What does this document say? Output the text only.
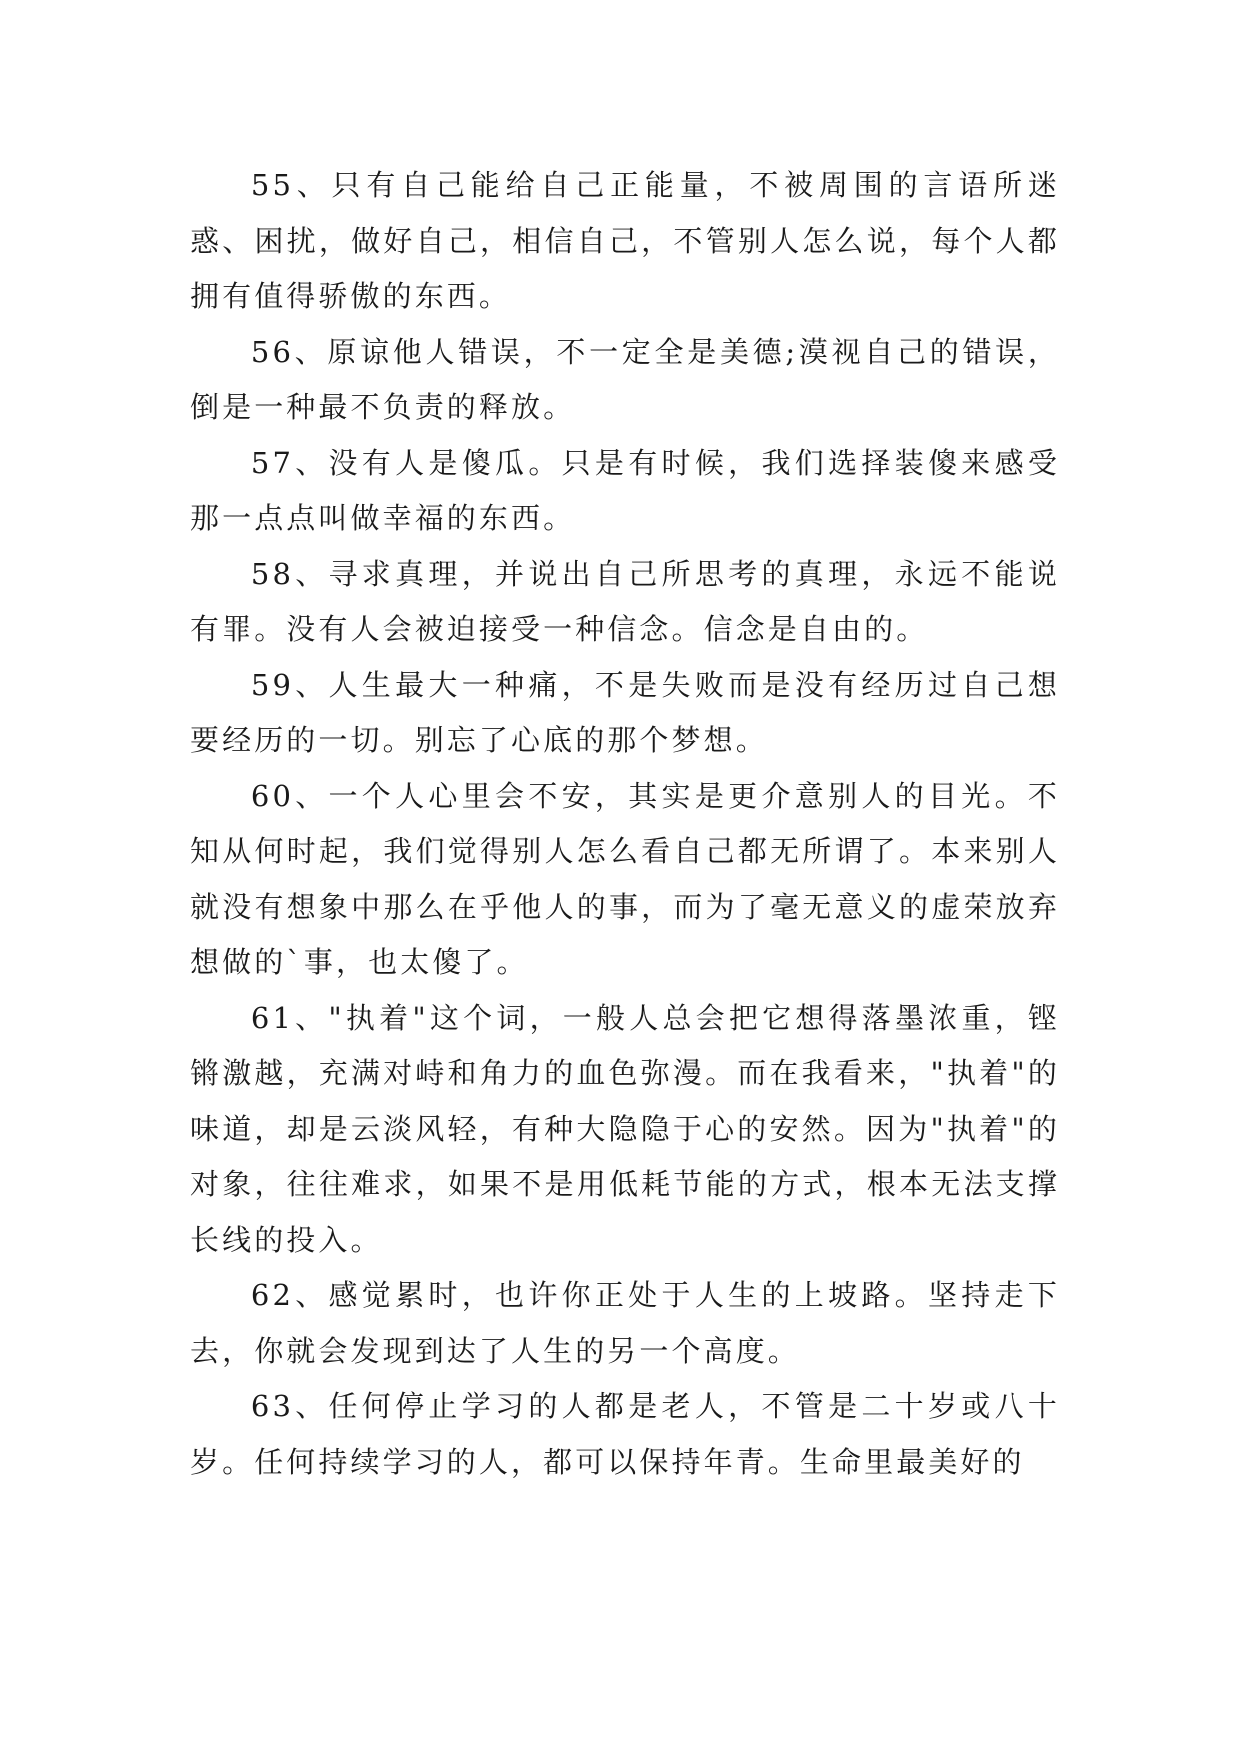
55、只有自己能给自己正能量，不被周围的言语所迷惑、困扰，做好自己，相信自己，不管别人怎么说，每个人都拥有值得骄傲的东西。

56、原谅他人错误，不一定全是美德;漠视自己的错误，倒是一种最不负责的释放。

57、没有人是傻瓜。只是有时候，我们选择装傻来感受那一点点叫做幸福的东西。

58、寻求真理，并说出自己所思考的真理，永远不能说有罪。没有人会被迫接受一种信念。信念是自由的。

59、人生最大一种痛，不是失败而是没有经历过自己想要经历的一切。别忘了心底的那个梦想。

60、一个人心里会不安，其实是更介意别人的目光。不知从何时起，我们觉得别人怎么看自己都无所谓了。本来别人就没有想象中那么在乎他人的事，而为了毫无意义的虚荣放弃想做的`事，也太傻了。

61、"执着"这个词，一般人总会把它想得落墨浓重，铿锵激越，充满对峙和角力的血色弥漫。而在我看来，"执着"的味道，却是云淡风轻，有种大隐隐于心的安然。因为"执着"的对象，往往难求，如果不是用低耗节能的方式，根本无法支撑长线的投入。

62、感觉累时，也许你正处于人生的上坡路。坚持走下去，你就会发现到达了人生的另一个高度。

63、任何停止学习的人都是老人，不管是二十岁或八十岁。任何持续学习的人，都可以保持年青。生命里最美好的
